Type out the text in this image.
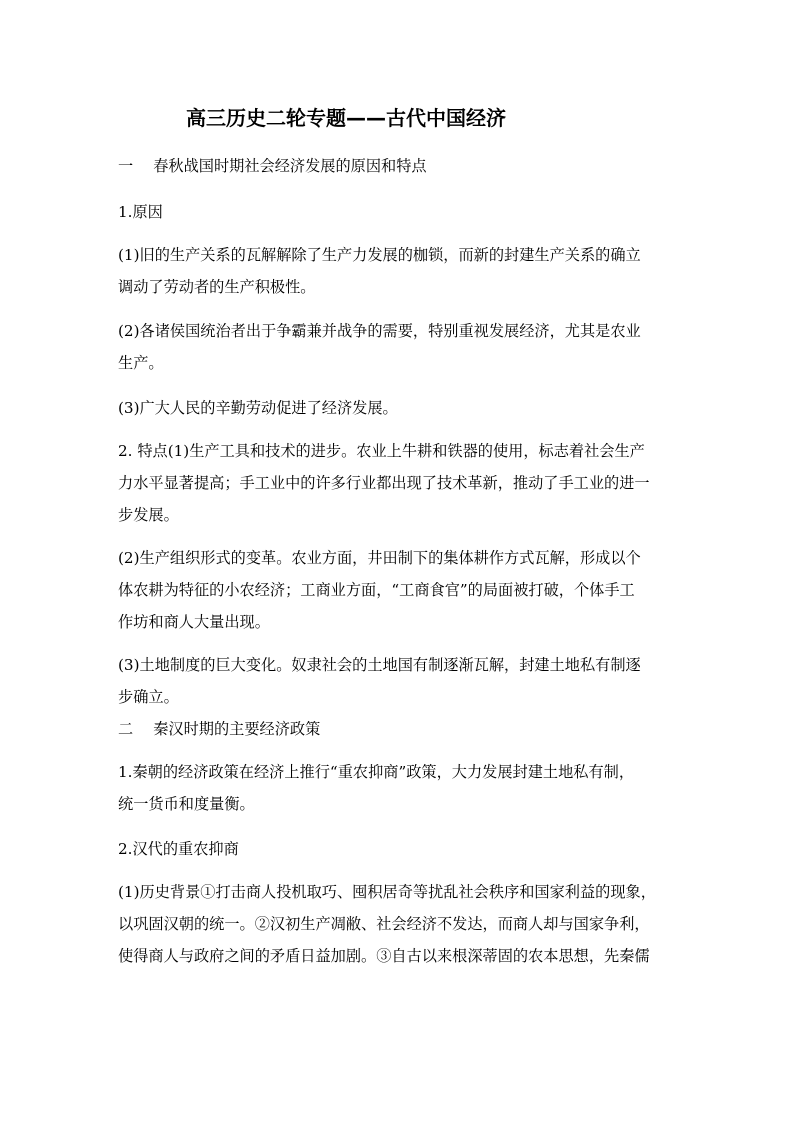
高三历史二轮专题——古代中国经济
一　 春秋战国时期社会经济发展的原因和特点
1.原因
(1)旧的生产关系的瓦解解除了生产力发展的枷锁，而新的封建生产关系的确立
调动了劳动者的生产积极性。
(2)各诸侯国统治者出于争霸兼并战争的需要，特别重视发展经济，尤其是农业
生产。
(3)广大人民的辛勤劳动促进了经济发展。
2. 特点(1)生产工具和技术的进步。农业上牛耕和铁器的使用，标志着社会生产
力水平显著提高；手工业中的许多行业都出现了技术革新，推动了手工业的进一
步发展。
(2)生产组织形式的变革。农业方面，井田制下的集体耕作方式瓦解，形成以个
体农耕为特征的小农经济；工商业方面，“工商食官”的局面被打破，个体手工
作坊和商人大量出现。
(3)土地制度的巨大变化。奴隶社会的土地国有制逐渐瓦解，封建土地私有制逐
步确立。
二　 秦汉时期的主要经济政策
1.秦朝的经济政策在经济上推行“重农抑商”政策，大力发展封建土地私有制，
统一货币和度量衡。
2.汉代的重农抑商
(1)历史背景①打击商人投机取巧、囤积居奇等扰乱社会秩序和国家利益的现象，
以巩固汉朝的统一。②汉初生产凋敝、社会经济不发达，而商人却与国家争利，
使得商人与政府之间的矛盾日益加剧。③自古以来根深蒂固的农本思想，先秦儒
